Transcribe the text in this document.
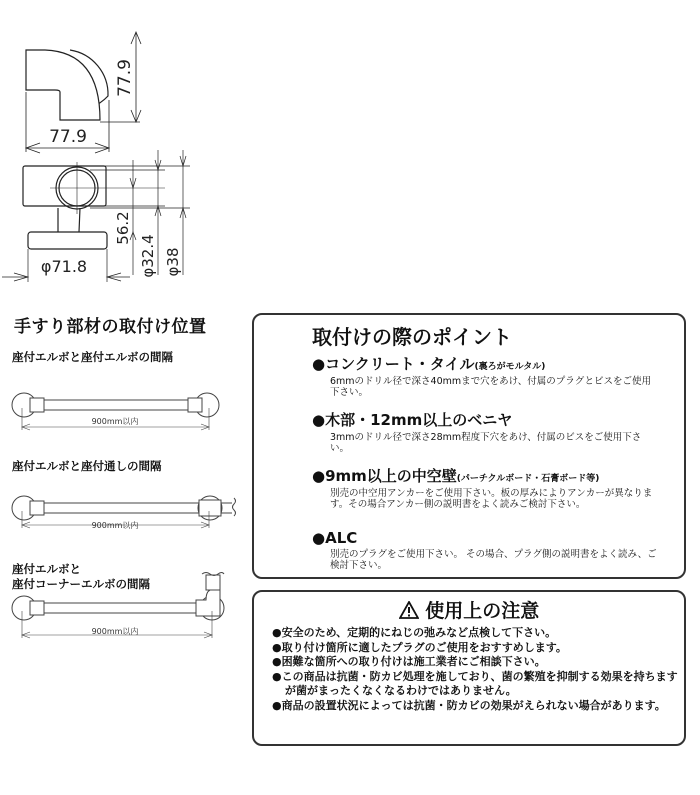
77.9
77.9
56.2
φ32.4 φ38
φ71.8
手すり部材の取付け位置
座付エルボと座付エルボの間隔
座付エルボと座付通しの間隔
座付エルボと
座付コーナーエルボの間隔
900mm以内
900mm以内
900mm以内
取付けの際のポイント
●コンクリート・タイル(裏ろがモルタル)
6mmのドリル径で深さ40mmまで穴をあけ、付属のプラグとビスをご使用下さい。
●木部・12mm以上のベニヤ
3mmのドリル径で深さ28mm程度下穴をあけ、付属のビスをご使用下さい。
●9mm以上の中空壁(パーチクルボード・石膏ボード等)
別売の中空用アンカーをご使用下さい。板の厚みによりアンカーが異なります。その場合アンカー側の説明書をよく読みご検討下さい。
●ALC
別売のプラグをご使用下さい。 その場合、プラグ側の説明書をよく読み、ご検討下さい。
使用上の注意
●安全のため、定期的にねじの弛みなど点検して下さい。
●取り付け箇所に適したプラグのご使用をおすすめします。
●困難な箇所への取り付けは施工業者にご相談下さい。
●この商品は抗菌・防カビ処理を施しており、菌の繁殖を抑制する効果を持ちますが菌がまったくなくなるわけではありません。
●商品の設置状況によっては抗菌・防カビの効果がえられない場合があります。
